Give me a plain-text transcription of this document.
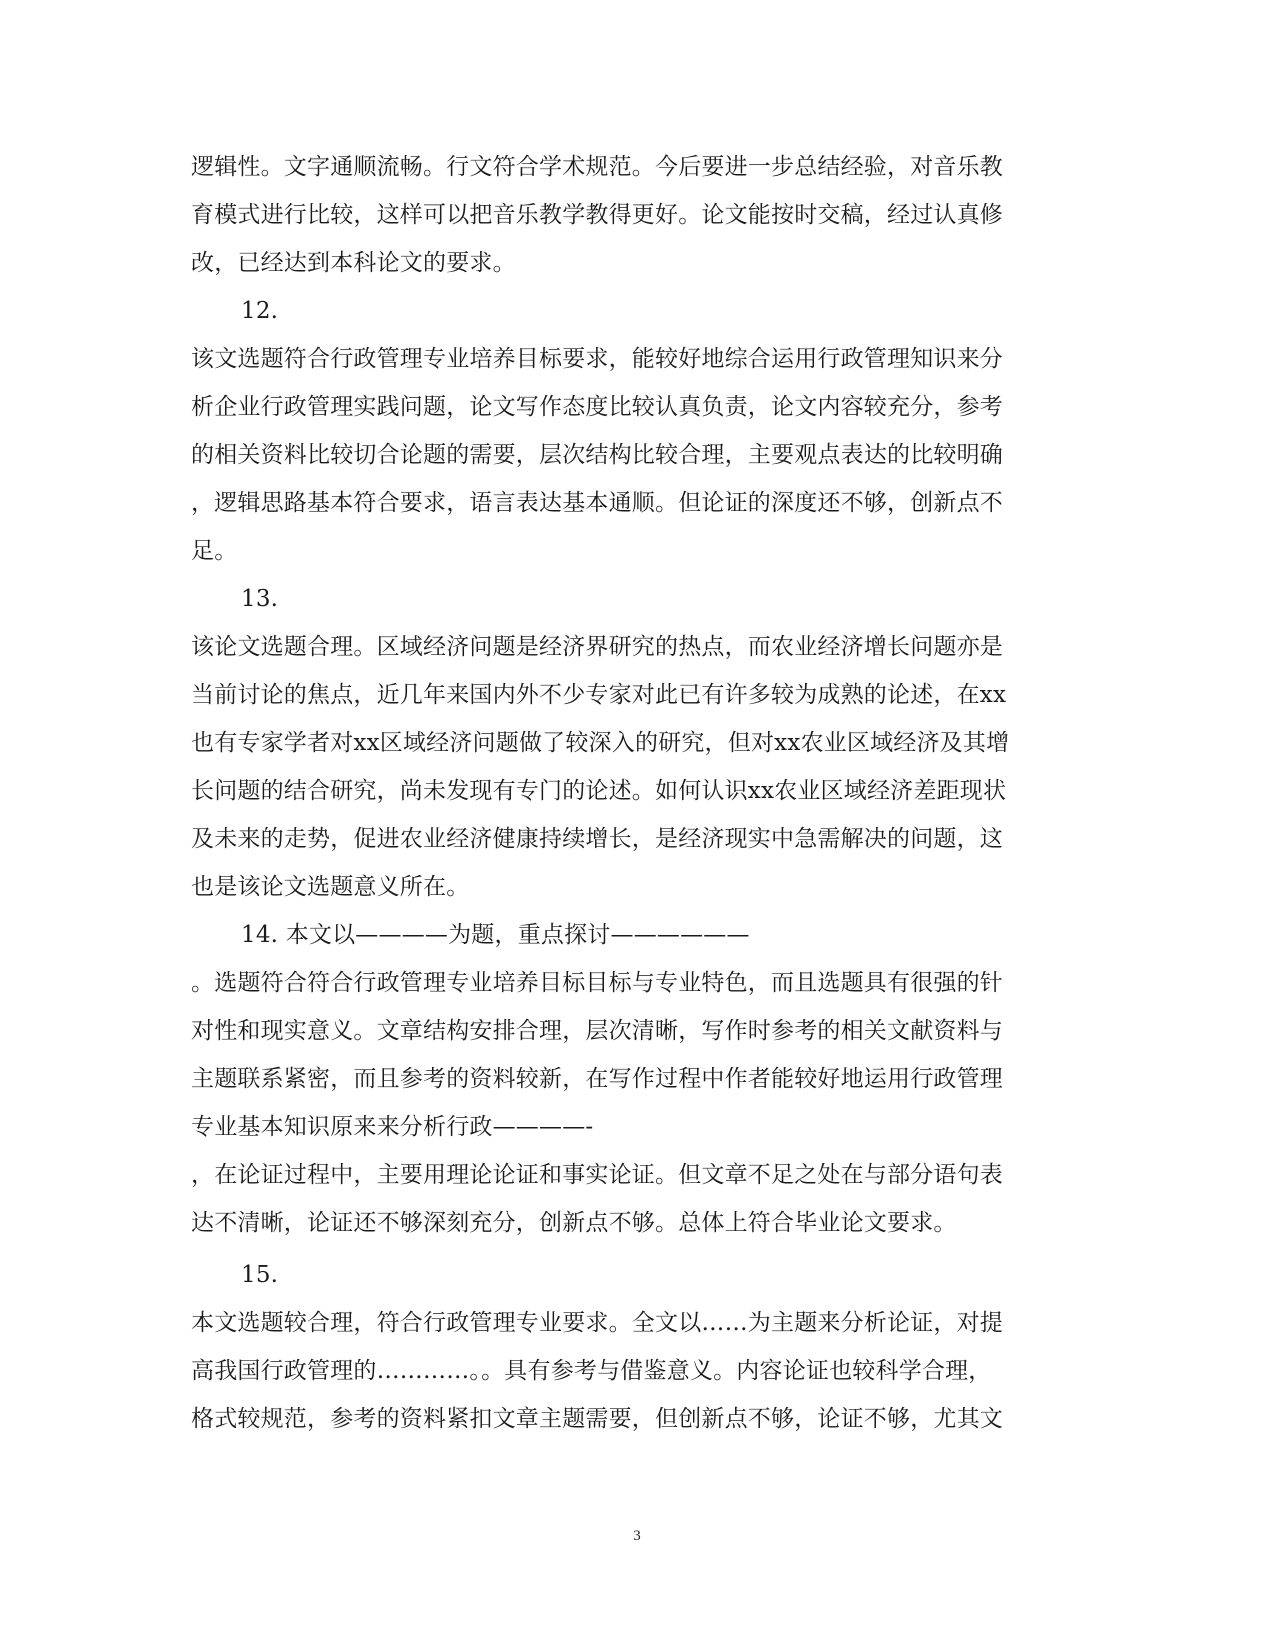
逻辑性。文字通顺流畅。行文符合学术规范。今后要进一步总结经验，对音乐教
育模式进行比较，这样可以把音乐教学教得更好。论文能按时交稿，经过认真修
改，已经达到本科论文的要求。
12.
该文选题符合行政管理专业培养目标要求，能较好地综合运用行政管理知识来分
析企业行政管理实践问题，论文写作态度比较认真负责，论文内容较充分，参考
的相关资料比较切合论题的需要，层次结构比较合理，主要观点表达的比较明确
，逻辑思路基本符合要求，语言表达基本通顺。但论证的深度还不够，创新点不
足。
13.
该论文选题合理。区域经济问题是经济界研究的热点，而农业经济增长问题亦是
当前讨论的焦点，近几年来国内外不少专家对此已有许多较为成熟的论述，在xx
也有专家学者对xx区域经济问题做了较深入的研究，但对xx农业区域经济及其增
长问题的结合研究，尚未发现有专门的论述。如何认识xx农业区域经济差距现状
及未来的走势，促进农业经济健康持续增长，是经济现实中急需解决的问题，这
也是该论文选题意义所在。
14. 本文以————为题，重点探讨——————
。选题符合符合行政管理专业培养目标目标与专业特色，而且选题具有很强的针
对性和现实意义。文章结构安排合理，层次清晰，写作时参考的相关文献资料与
主题联系紧密，而且参考的资料较新，在写作过程中作者能较好地运用行政管理
专业基本知识原来来分析行政————-
，在论证过程中，主要用理论论证和事实论证。但文章不足之处在与部分语句表
达不清晰，论证还不够深刻充分，创新点不够。总体上符合毕业论文要求。
15.
本文选题较合理，符合行政管理专业要求。全文以……为主题来分析论证，对提
高我国行政管理的…………。。具有参考与借鉴意义。内容论证也较科学合理，
格式较规范，参考的资料紧扣文章主题需要，但创新点不够，论证不够，尤其文
3
